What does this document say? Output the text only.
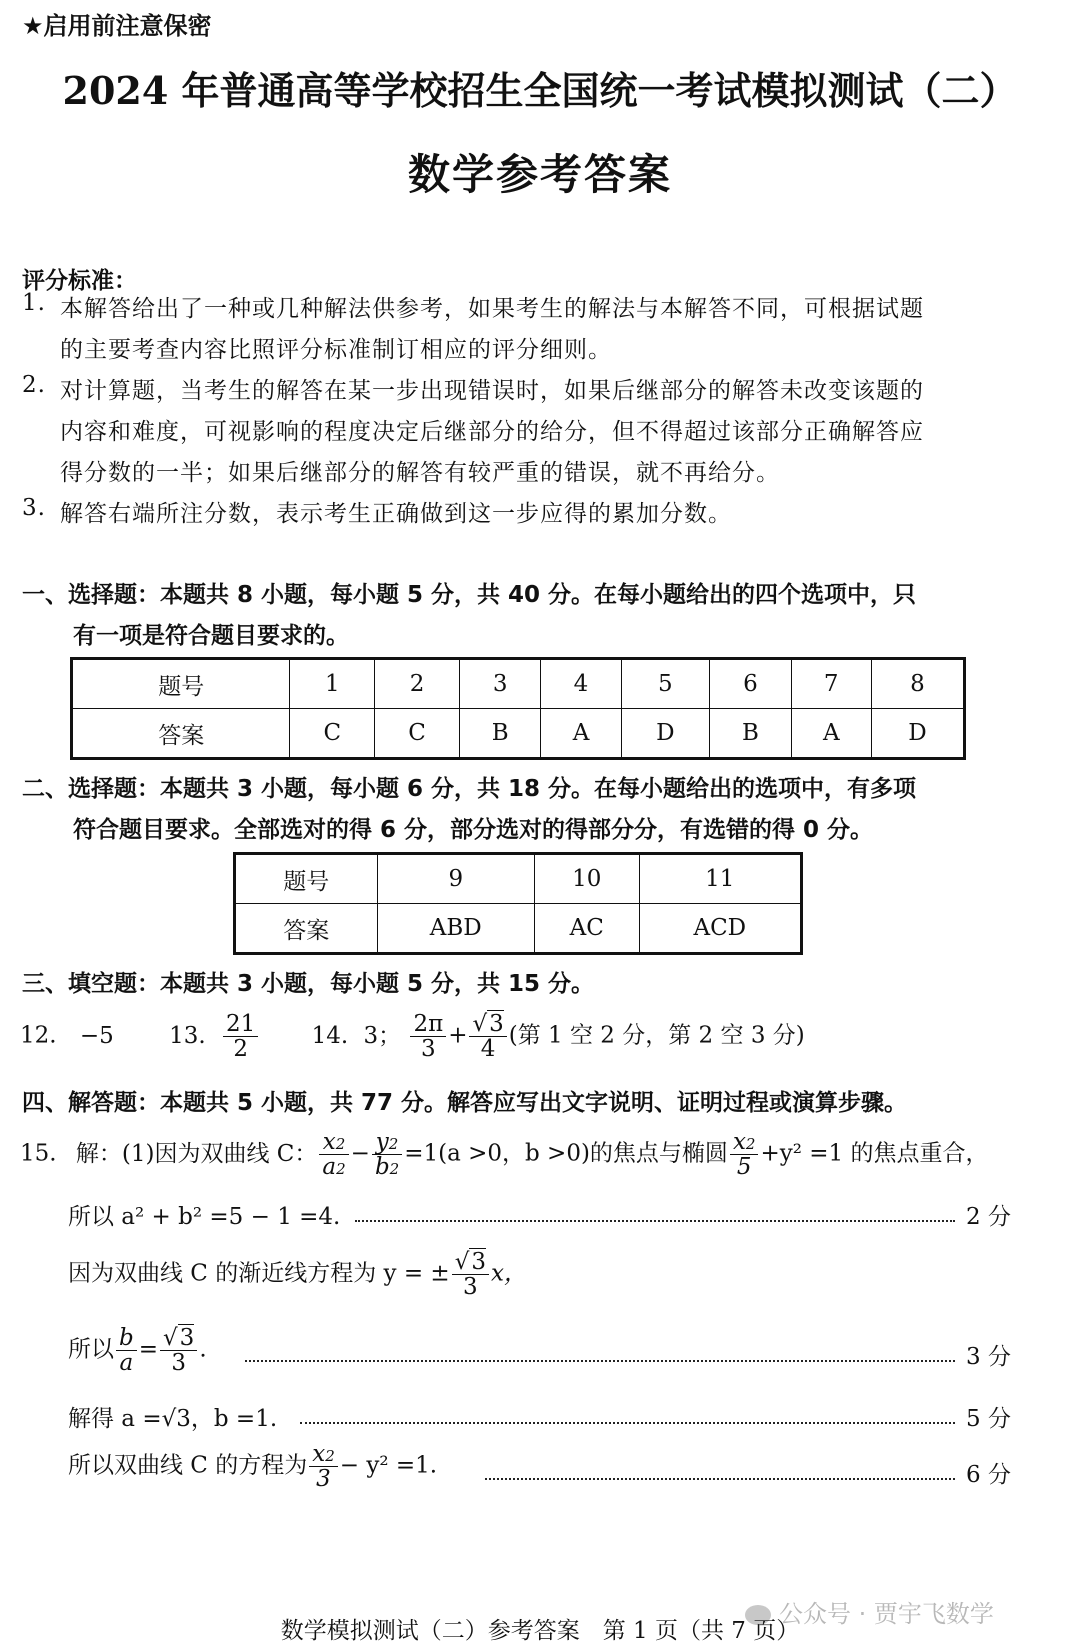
★启用前注意保密
2024 年普通高等学校招生全国统一考试模拟测试（二）
数学参考答案
评分标准：
1. 本解答给出了一种或几种解法供参考，如果考生的解法与本解答不同，可根据试题
的主要考查内容比照评分标准制订相应的评分细则。
2. 对计算题，当考生的解答在某一步出现错误时，如果后继部分的解答未改变该题的
内容和难度，可视影响的程度决定后继部分的给分，但不得超过该部分正确解答应
得分数的一半；如果后继部分的解答有较严重的错误，就不再给分。
3. 解答右端所注分数，表示考生正确做到这一步应得的累加分数。
一、选择题：本题共 8 小题，每小题 5 分，共 40 分。在每小题给出的四个选项中，只
有一项是符合题目要求的。
题号	1	2	3	4	5	6	7	8
答案	C	C	B	A	D	B	A	D
二、选择题：本题共 3 小题，每小题 6 分，共 18 分。在每小题给出的选项中，有多项
符合题目要求。全部选对的得 6 分，部分选对的得部分分，有选错的得 0 分。
题号	9	10	11
答案	ABD	AC	ACD
三、填空题：本题共 3 小题，每小题 5 分，共 15 分。
12. −5 13. $\frac{21}{2} 14$. 3； $\frac{2\pi}{3} + \frac{√3}{4}$ (第 1 空 2 分，第 2 空 3 分)
四、解答题：本题共 5 小题，共 77 分。解答应写出文字说明、证明过程或演算步骤。
15. 解：(1)因为双曲线 C： $\frac{x2}{a2} - \frac{y2}{b2} =1(a >0$，b >0)的焦点与椭圆 $\frac{x2}{5} +y^2 =1$ 的焦点重合，
所以 a² + b² =5 − 1 =4.	2 分
因为双曲线 C 的渐近线方程为 y = ± $\frac{√3}{3}$ x，
所以 $\frac{b}{a} = \frac{√3}{3}$ .	3 分
解得 a =√3，b =1.	5 分
所以双曲线 C 的方程为 $\frac{x2}{3} - y^2 =1$.	6 分
公众号 · 贾宇飞数学
数学模拟测试（二）参考答案　第 1 页（共 7 页）
